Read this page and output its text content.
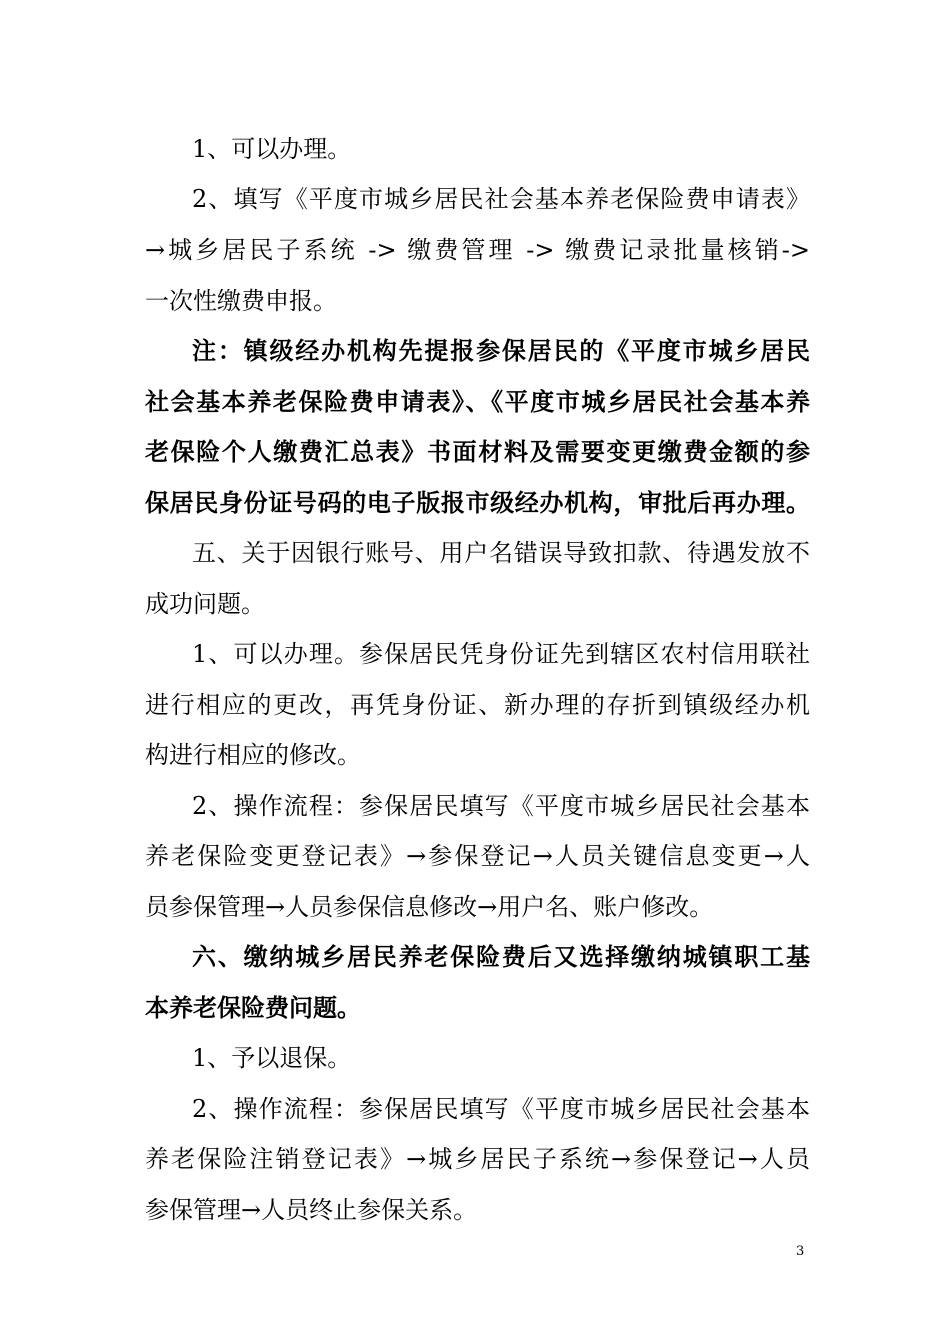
1、可以办理。
2、填写《平度市城乡居民社会基本养老保险费申请表》
→城乡居民子系统 -> 缴费管理 -> 缴费记录批量核销->
一次性缴费申报。
注：镇级经办机构先提报参保居民的《平度市城乡居民
社会基本养老保险费申请表》、《平度市城乡居民社会基本养
老保险个人缴费汇总表》书面材料及需要变更缴费金额的参
保居民身份证号码的电子版报市级经办机构，审批后再办理。
五、关于因银行账号、用户名错误导致扣款、待遇发放不
成功问题。
1、可以办理。参保居民凭身份证先到辖区农村信用联社
进行相应的更改，再凭身份证、新办理的存折到镇级经办机
构进行相应的修改。
2、操作流程：参保居民填写《平度市城乡居民社会基本
养老保险变更登记表》→参保登记→人员关键信息变更→人
员参保管理→人员参保信息修改→用户名、账户修改。
六、缴纳城乡居民养老保险费后又选择缴纳城镇职工基
本养老保险费问题。
1、予以退保。
2、操作流程：参保居民填写《平度市城乡居民社会基本
养老保险注销登记表》→城乡居民子系统→参保登记→人员
参保管理→人员终止参保关系。
3
